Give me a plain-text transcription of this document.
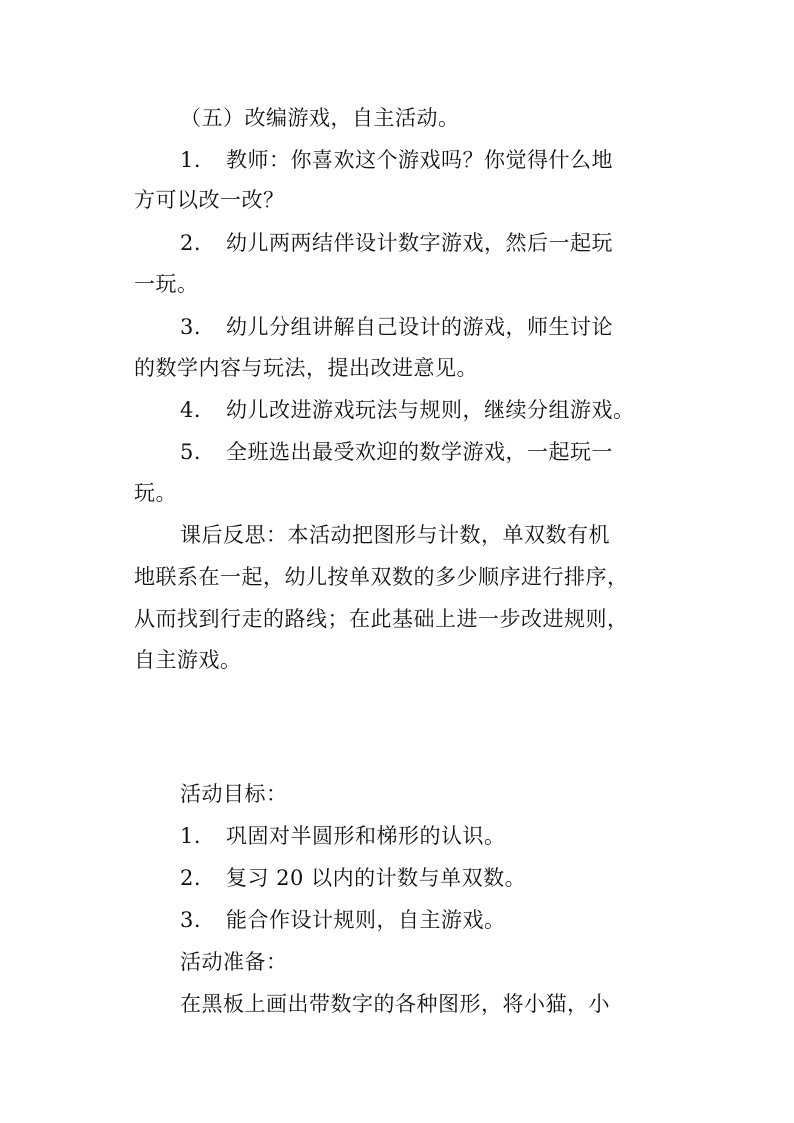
（五）改编游戏，自主活动。
1. 教师：你喜欢这个游戏吗？你觉得什么地
方可以改一改？
2. 幼儿两两结伴设计数字游戏，然后一起玩
一玩。
3. 幼儿分组讲解自己设计的游戏，师生讨论
的数学内容与玩法，提出改进意见。
4. 幼儿改进游戏玩法与规则，继续分组游戏。
5. 全班选出最受欢迎的数学游戏，一起玩一
玩。
课后反思：本活动把图形与计数，单双数有机
地联系在一起，幼儿按单双数的多少顺序进行排序，
从而找到行走的路线；在此基础上进一步改进规则，
自主游戏。
活动目标：
1. 巩固对半圆形和梯形的认识。
2. 复习 20 以内的计数与单双数。
3. 能合作设计规则，自主游戏。
活动准备：
在黑板上画出带数字的各种图形，将小猫，小
